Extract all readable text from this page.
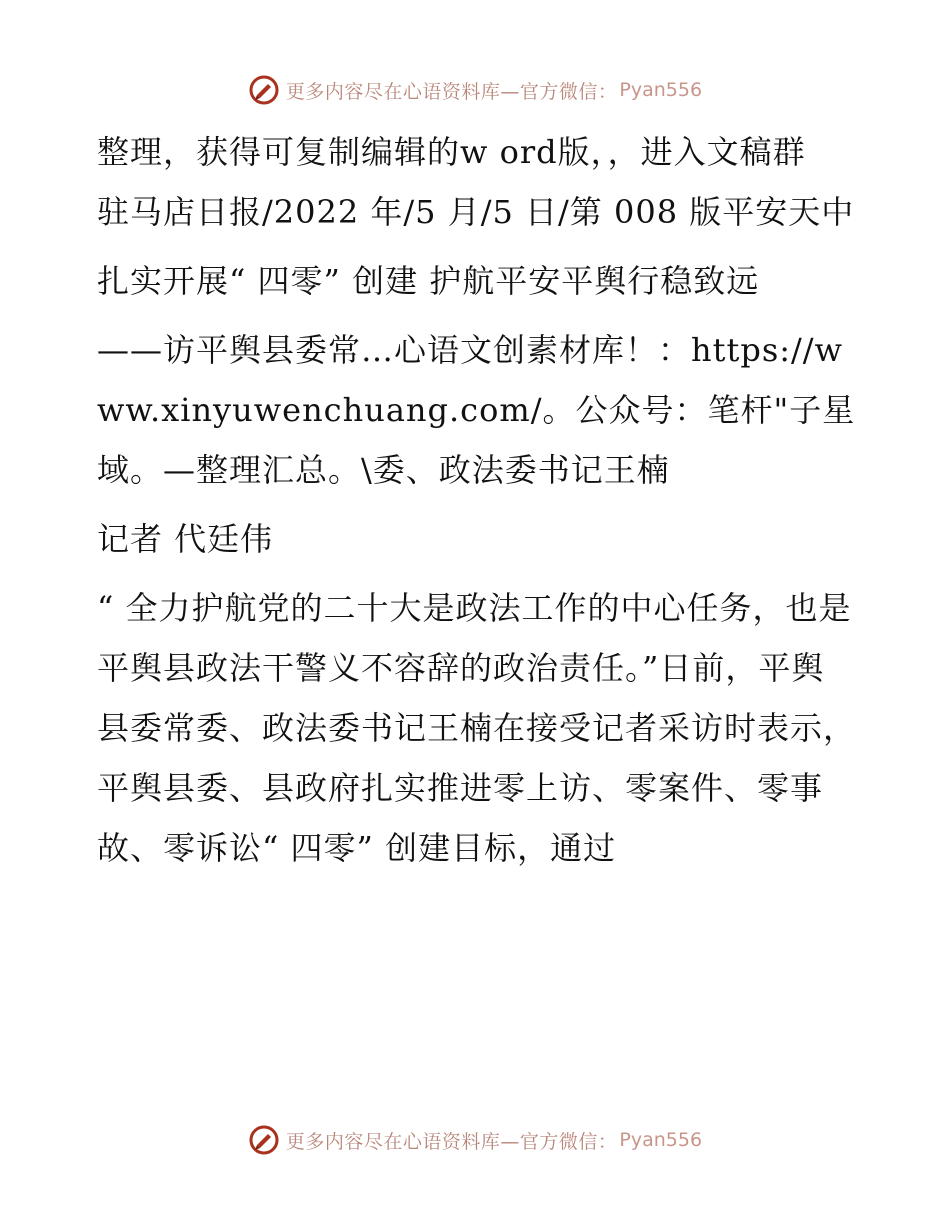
更多内容尽在心语资料库—官方微信： Pyan556

整理，获得可复制编辑的w ord版，，进入文稿群

驻马店日报/2022 年/5 月/5 日/第 008 版平安天中

扎实开展“ 四零” 创建 护航平安平舆行稳致远

——访平舆县委常…心语文创素材库！：https://www.xinyuwenchuang.com/。公众号：笔杆"子星域。—整理汇总。\委、政法委书记王楠

记者 代廷伟

“ 全力护航党的二十大是政法工作的中心任务，也是平舆县政法干警义不容辞的政治责任。”日前，平舆县委常委、政法委书记王楠在接受记者采访时表示，平舆县委、县政府扎实推进零上访、零案件、零事故、零诉讼“ 四零” 创建目标，通过

更多内容尽在心语资料库—官方微信： Pyan556
